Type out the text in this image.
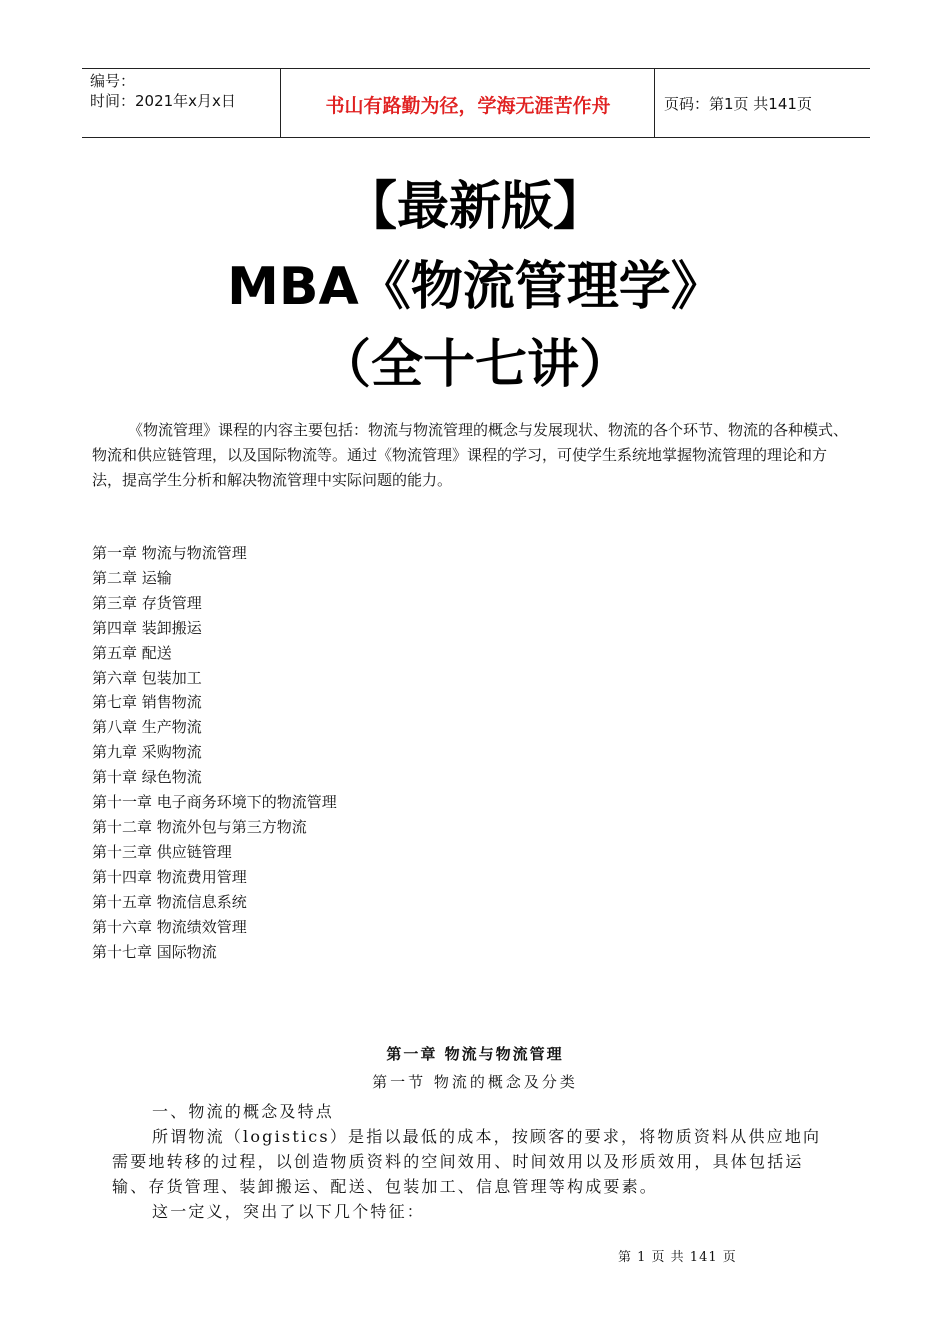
编号：
时间：2021年x月x日	书山有路勤为径，学海无涯苦作舟	页码：第1页 共141页
【最新版】
MBA《物流管理学》
（全十七讲）
《物流管理》课程的内容主要包括：物流与物流管理的概念与发展现状、物流的各个环节、物流的各种模式、物流和供应链管理，以及国际物流等。通过《物流管理》课程的学习，可使学生系统地掌握物流管理的理论和方法，提高学生分析和解决物流管理中实际问题的能力。
第一章 物流与物流管理
第二章 运输
第三章 存货管理
第四章 装卸搬运
第五章 配送
第六章 包装加工
第七章 销售物流
第八章 生产物流
第九章 采购物流
第十章 绿色物流
第十一章 电子商务环境下的物流管理
第十二章 物流外包与第三方物流
第十三章 供应链管理
第十四章 物流费用管理
第十五章 物流信息系统
第十六章 物流绩效管理
第十七章 国际物流
第一章 物流与物流管理
第一节 物流的概念及分类

一、物流的概念及特点

所谓物流（logistics）是指以最低的成本，按顾客的要求，将物质资料从供应地向需要地转移的过程，以创造物质资料的空间效用、时间效用以及形质效用，具体包括运输、存货管理、装卸搬运、配送、包装加工、信息管理等构成要素。

这一定义，突出了以下几个特征：

第 1 页 共 141 页
